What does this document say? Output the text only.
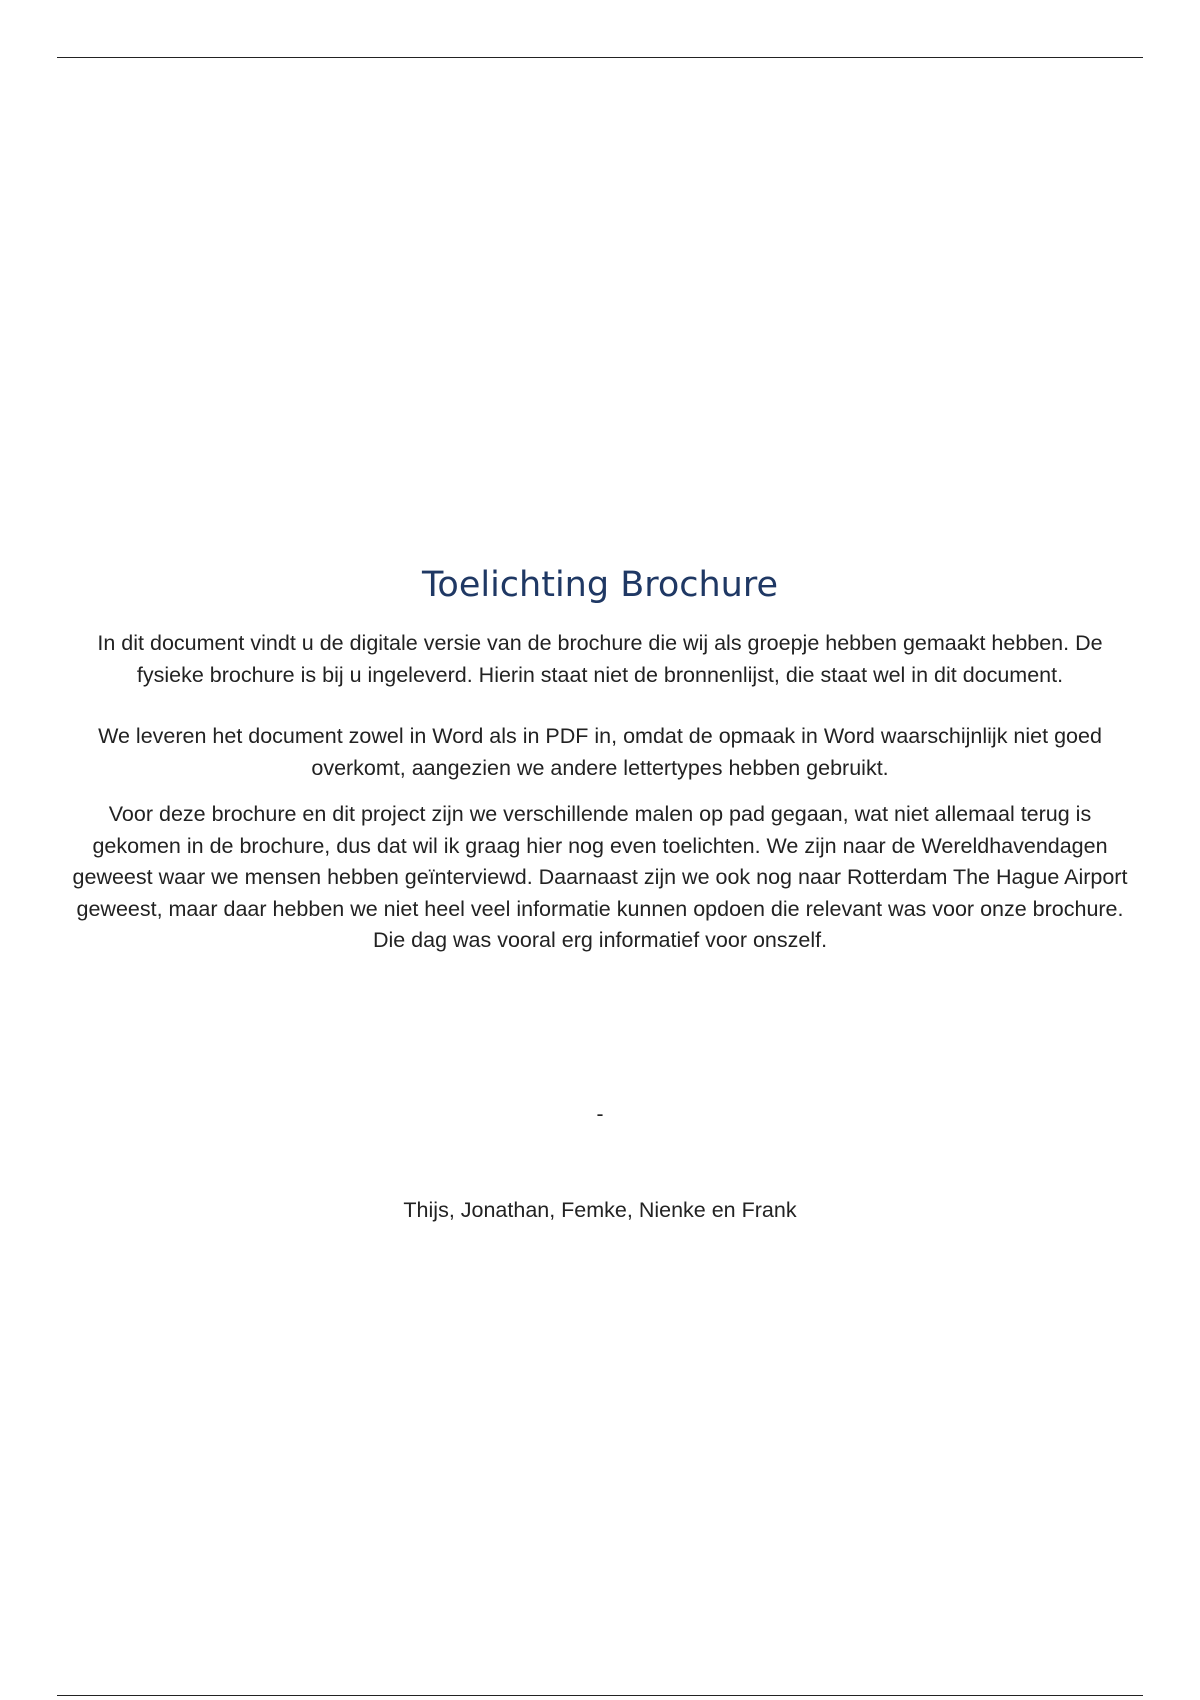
Toelichting Brochure

In dit document vindt u de digitale versie van de brochure die wij als groepje hebben gemaakt hebben. De fysieke brochure is bij u ingeleverd. Hierin staat niet de bronnenlijst, die staat wel in dit document.

We leveren het document zowel in Word als in PDF in, omdat de opmaak in Word waarschijnlijk niet goed overkomt, aangezien we andere lettertypes hebben gebruikt.

Voor deze brochure en dit project zijn we verschillende malen op pad gegaan, wat niet allemaal terug is gekomen in de brochure, dus dat wil ik graag hier nog even toelichten. We zijn naar de Wereldhavendagen geweest waar we mensen hebben geïnterviewd. Daarnaast zijn we ook nog naar Rotterdam The Hague Airport geweest, maar daar hebben we niet heel veel informatie kunnen opdoen die relevant was voor onze brochure. Die dag was vooral erg informatief voor onszelf.

-
Thijs, Jonathan, Femke, Nienke en Frank
